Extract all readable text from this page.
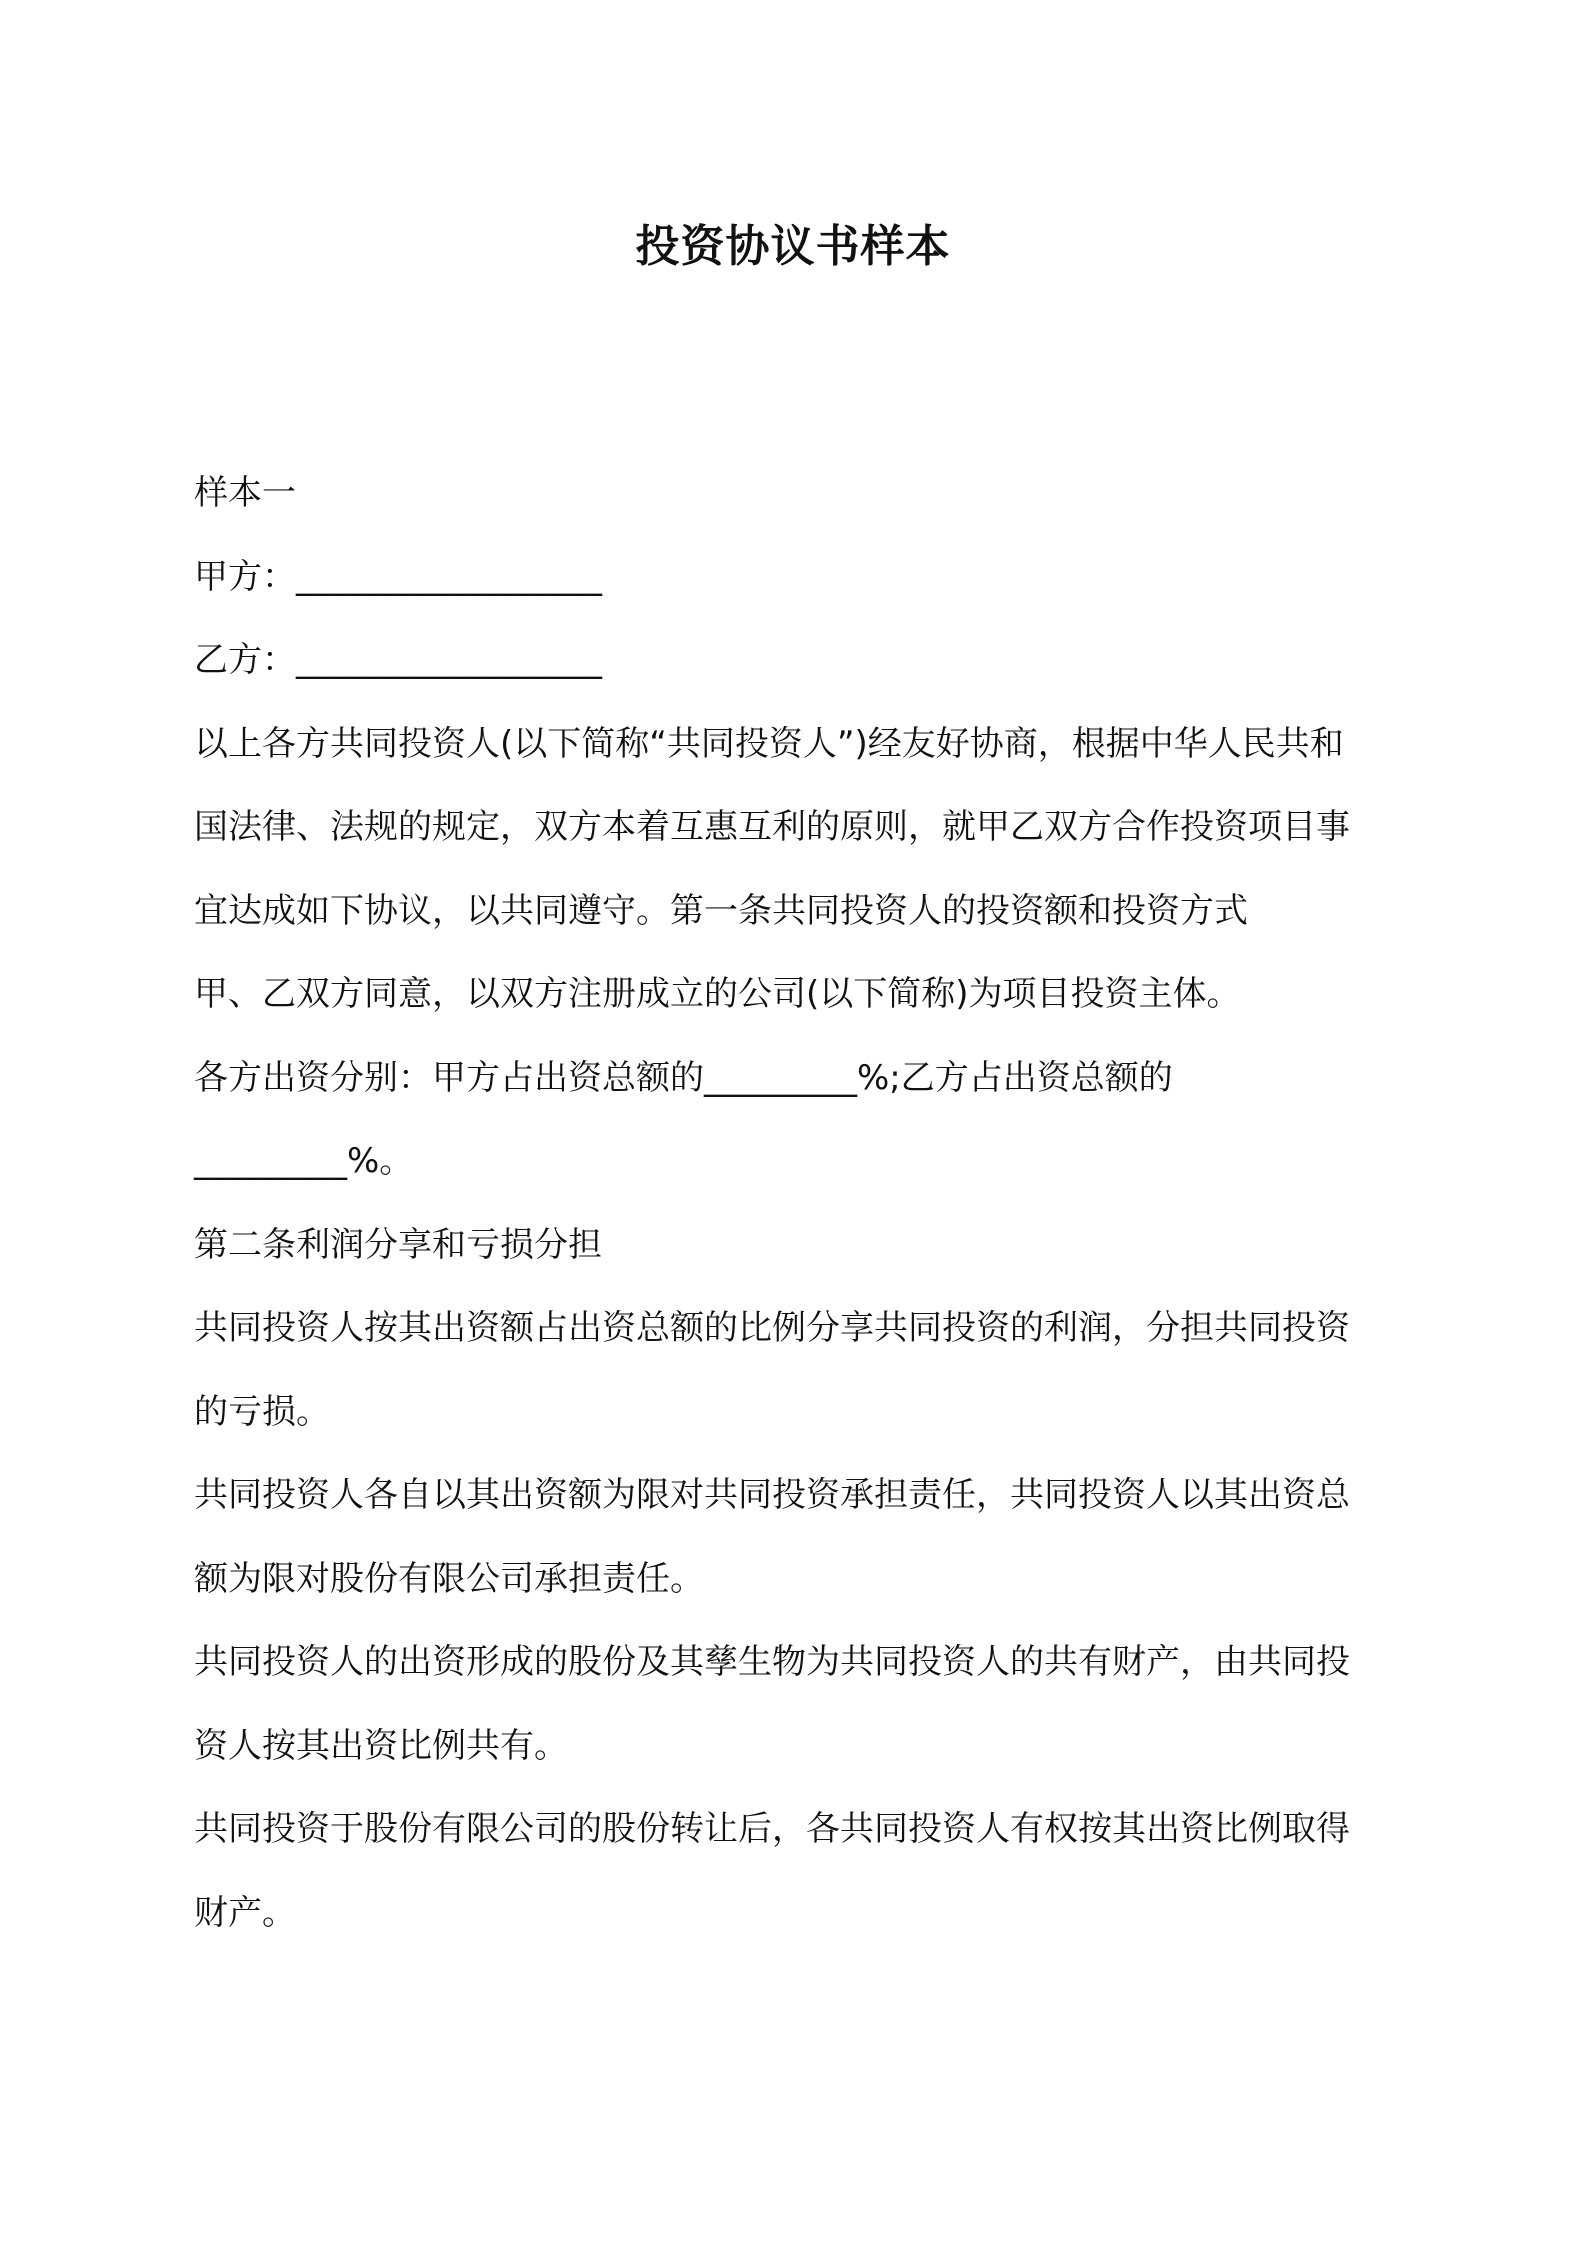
投资协议书样本

样本一

甲方：__________________

乙方：__________________

以上各方共同投资人(以下简称“共同投资人”)经友好协商，根据中华人民共和国法律、法规的规定，双方本着互惠互利的原则，就甲乙双方合作投资项目事宜达成如下协议，以共同遵守。第一条共同投资人的投资额和投资方式

甲、乙双方同意，以双方注册成立的公司(以下简称)为项目投资主体。

各方出资分别：甲方占出资总额的_________%;乙方占出资总额的_________%。

第二条利润分享和亏损分担

共同投资人按其出资额占出资总额的比例分享共同投资的利润，分担共同投资的亏损。

共同投资人各自以其出资额为限对共同投资承担责任，共同投资人以其出资总额为限对股份有限公司承担责任。

共同投资人的出资形成的股份及其孳生物为共同投资人的共有财产，由共同投资人按其出资比例共有。

共同投资于股份有限公司的股份转让后，各共同投资人有权按其出资比例取得财产。
